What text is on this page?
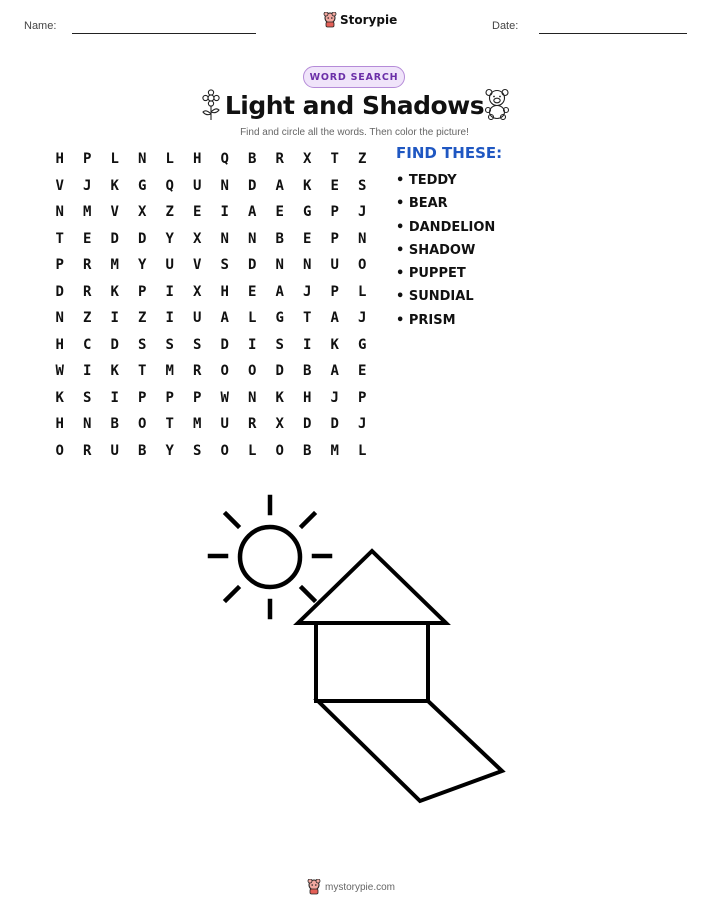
Name:	Storypie	Date:
WORD SEARCH
Light and Shadows
Find and circle all the words. Then color the picture!
H	P	L	N	L	H	Q	B	R	X	T	Z
V	J	K	G	Q	U	N	D	A	K	E	S
N	M	V	X	Z	E	I	A	E	G	P	J
T	E	D	D	Y	X	N	N	B	E	P	N
P	R	M	Y	U	V	S	D	N	N	U	O
D	R	K	P	I	X	H	E	A	J	P	L
N	Z	I	Z	I	U	A	L	G	T	A	J
H	C	D	S	S	S	D	I	S	I	K	G
W	I	K	T	M	R	O	O	D	B	A	E
K	S	I	P	P	P	W	N	K	H	J	P
H	N	B	O	T	M	U	R	X	D	D	J
O	R	U	B	Y	S	O	L	O	B	M	L
FIND THESE:
• TEDDY
• BEAR
• DANDELION
• SHADOW
• PUPPET
• SUNDIAL
• PRISM
mystorypie.com
